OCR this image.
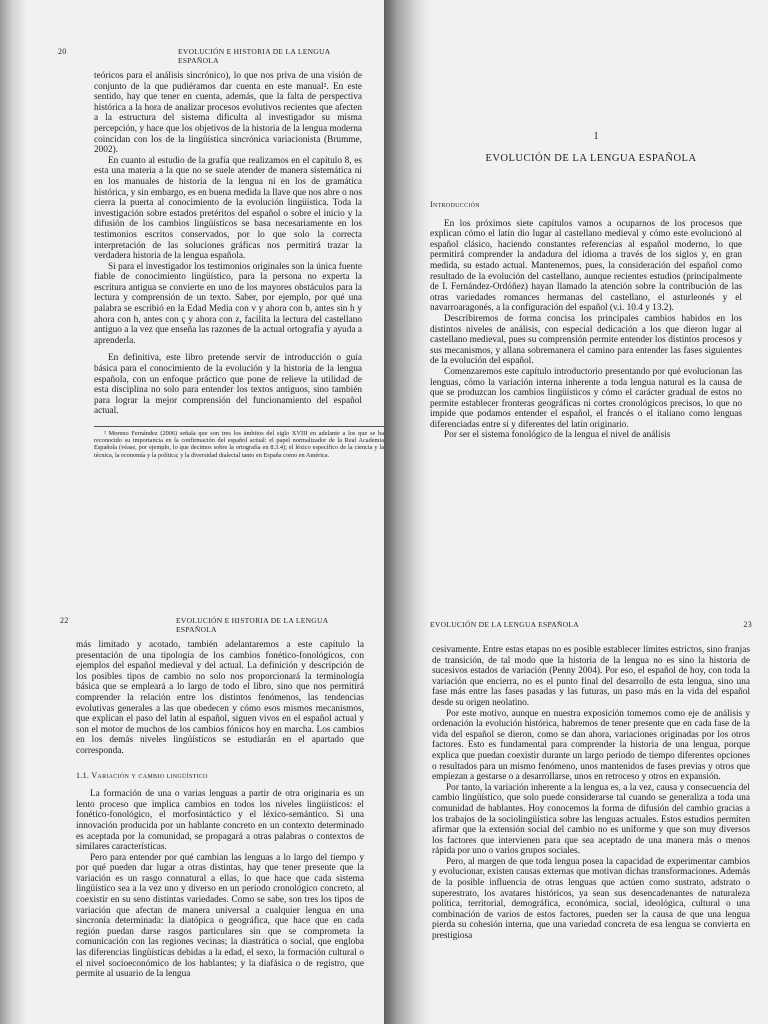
20	EVOLUCIÓN E HISTORIA DE LA LENGUA ESPAÑOLA

teóricos para el análisis sincrónico), lo que nos priva de una visión de conjunto de la que pudiéramos dar cuenta en este manual². En este sentido, hay que tener en cuenta, además, que la falta de perspectiva histórica a la hora de analizar procesos evolutivos recientes que afecten a la estructura del sistema dificulta al investigador su misma percepción, y hace que los objetivos de la historia de la lengua moderna coincidan con los de la lingüística sincrónica variacionista (Brumme, 2002).

En cuanto al estudio de la grafía que realizamos en el capítulo 8, es esta una materia a la que no se suele atender de manera sistemática ni en los manuales de historia de la lengua ni en los de gramática histórica, y sin embargo, es en buena medida la llave que nos abre o nos cierra la puerta al conocimiento de la evolución lingüística. Toda la investigación sobre estados pretéritos del español o sobre el inicio y la difusión de los cambios lingüísticos se basa necesariamente en los testimonios escritos conservados, por lo que solo la correcta interpretación de las soluciones gráficas nos permitirá trazar la verdadera historia de la lengua española.

Si para el investigador los testimonios originales son la única fuente fiable de conocimiento lingüístico, para la persona no experta la escritura antigua se convierte en uno de los mayores obstáculos para la lectura y comprensión de un texto. Saber, por ejemplo, por qué una palabra se escribió en la Edad Media con v y ahora con b, antes sin h y ahora con h, antes con ç y ahora con z, facilita la lectura del castellano antiguo a la vez que enseña las razones de la actual ortografía y ayuda a aprenderla.

En definitiva, este libro pretende servir de introducción o guía básica para el conocimiento de la evolución y la historia de la lengua española, con un enfoque práctico que pone de relieve la utilidad de esta disciplina no solo para entender los textos antiguos, sino también para lograr la mejor comprensión del funcionamiento del español actual.

² Moreno Fernández (2006) señala que son tres los ámbitos del siglo XVIII en adelante a los que se ha reconocido su importancia en la confirmación del español actual: el papel normalizador de la Real Academia Española (véase, por ejemplo, lo que decimos sobre la ortografía en 8.3.4); el léxico específico de la ciencia y la técnica, la economía y la política; y la diversidad dialectal tanto en España como en América.

1
EVOLUCIÓN DE LA LENGUA ESPAÑOLA
Introducción

En los próximos siete capítulos vamos a ocuparnos de los procesos que explican cómo el latín dio lugar al castellano medieval y cómo este evolucionó al español clásico, haciendo constantes referencias al español moderno, lo que permitirá comprender la andadura del idioma a través de los siglos y, en gran medida, su estado actual. Mantenemos, pues, la consideración del español como resultado de la evolución del castellano, aunque recientes estudios (principalmente de I. Fernández-Ordóñez) hayan llamado la atención sobre la contribución de las otras variedades romances hermanas del castellano, el asturleonés y el navarroaragonés, a la configuración del español (v.i. 10.4 y 13.2).

Describiremos de forma concisa los principales cambios habidos en los distintos niveles de análisis, con especial dedicación a los que dieron lugar al castellano medieval, pues su comprensión permite entender los distintos procesos y sus mecanismos, y allana sobremanera el camino para entender las fases siguientes de la evolución del español.

Comenzaremos este capítulo introductorio presentando por qué evolucionan las lenguas, cómo la variación interna inherente a toda lengua natural es la causa de que se produzcan los cambios lingüísticos y cómo el carácter gradual de estos no permite establecer fronteras geográficas ni cortes cronológicos precisos, lo que no impide que podamos entender el español, el francés o el italiano como lenguas diferenciadas entre sí y diferentes del latín originario.

Por ser el sistema fonológico de la lengua el nivel de análisis

22	EVOLUCIÓN E HISTORIA DE LA LENGUA ESPAÑOLA

más limitado y acotado, también adelantaremos a este capítulo la presentación de una tipología de los cambios fonético-fonológicos, con ejemplos del español medieval y del actual. La definición y descripción de los posibles tipos de cambio no solo nos proporcionará la terminología básica que se empleará a lo largo de todo el libro, sino que nos permitirá comprender la relación entre los distintos fenómenos, las tendencias evolutivas generales a las que obedecen y cómo esos mismos mecanismos, que explican el paso del latín al español, siguen vivos en el español actual y son el motor de muchos de los cambios fónicos hoy en marcha. Los cambios en los demás niveles lingüísticos se estudiarán en el apartado que corresponda.

1.1. Variación y cambio lingüístico

La formación de una o varias lenguas a partir de otra originaria es un lento proceso que implica cambios en todos los niveles lingüísticos: el fonético-fonológico, el morfosintáctico y el léxico-semántico. Si una innovación producida por un hablante concreto en un contexto determinado es aceptada por la comunidad, se propagará a otras palabras o contextos de similares características.

Pero para entender por qué cambian las lenguas a lo largo del tiempo y por qué pueden dar lugar a otras distintas, hay que tener presente que la variación es un rasgo connatural a ellas, lo que hace que cada sistema lingüístico sea a la vez uno y diverso en un período cronológico concreto, al coexistir en su seno distintas variedades. Como se sabe, son tres los tipos de variación que afectan de manera universal a cualquier lengua en una sincronía determinada: la diatópica o geográfica, que hace que en cada región puedan darse rasgos particulares sin que se comprometa la comunicación con las regiones vecinas; la diastrática o social, que engloba las diferencias lingüísticas debidas a la edad, el sexo, la formación cultural o el nivel socioeconómico de los hablantes; y la diafásica o de registro, que permite al usuario de la lengua

EVOLUCIÓN DE LA LENGUA ESPAÑOLA	23

cesivamente. Entre estas etapas no es posible establecer límites estrictos, sino franjas de transición, de tal modo que la historia de la lengua no es sino la historia de sucesivos estados de variación (Penny 2004). Por eso, el español de hoy, con toda la variación que encierra, no es el punto final del desarrollo de esta lengua, sino una fase más entre las fases pasadas y las futuras, un paso más en la vida del español desde su origen neolatino.

Por este motivo, aunque en nuestra exposición tomemos como eje de análisis y ordenación la evolución histórica, habremos de tener presente que en cada fase de la vida del español se dieron, como se dan ahora, variaciones originadas por los otros factores. Esto es fundamental para comprender la historia de una lengua, porque explica que puedan coexistir durante un largo periodo de tiempo diferentes opciones o resultados para un mismo fenómeno, unos mantenidos de fases previas y otros que empiezan a gestarse o a desarrollarse, unos en retroceso y otros en expansión.

Por tanto, la variación inherente a la lengua es, a la vez, causa y consecuencia del cambio lingüístico, que solo puede considerarse tal cuando se generaliza a toda una comunidad de hablantes. Hoy conocemos la forma de difusión del cambio gracias a los trabajos de la sociolingüística sobre las lenguas actuales. Estos estudios permiten afirmar que la extensión social del cambio no es uniforme y que son muy diversos los factores que intervienen para que sea aceptado de una manera más o menos rápida por uno o varios grupos sociales.

Pero, al margen de que toda lengua posea la capacidad de experimentar cambios y evolucionar, existen causas externas que motivan dichas transformaciones. Además de la posible influencia de otras lenguas que actúen como sustrato, adstrato o superestrato, los avatares históricos, ya sean sus desencadenantes de naturaleza política, territorial, demográfica, económica, social, ideológica, cultural o una combinación de varios de estos factores, pueden ser la causa de que una lengua pierda su cohesión interna, que una variedad concreta de esa lengua se convierta en prestigiosa
